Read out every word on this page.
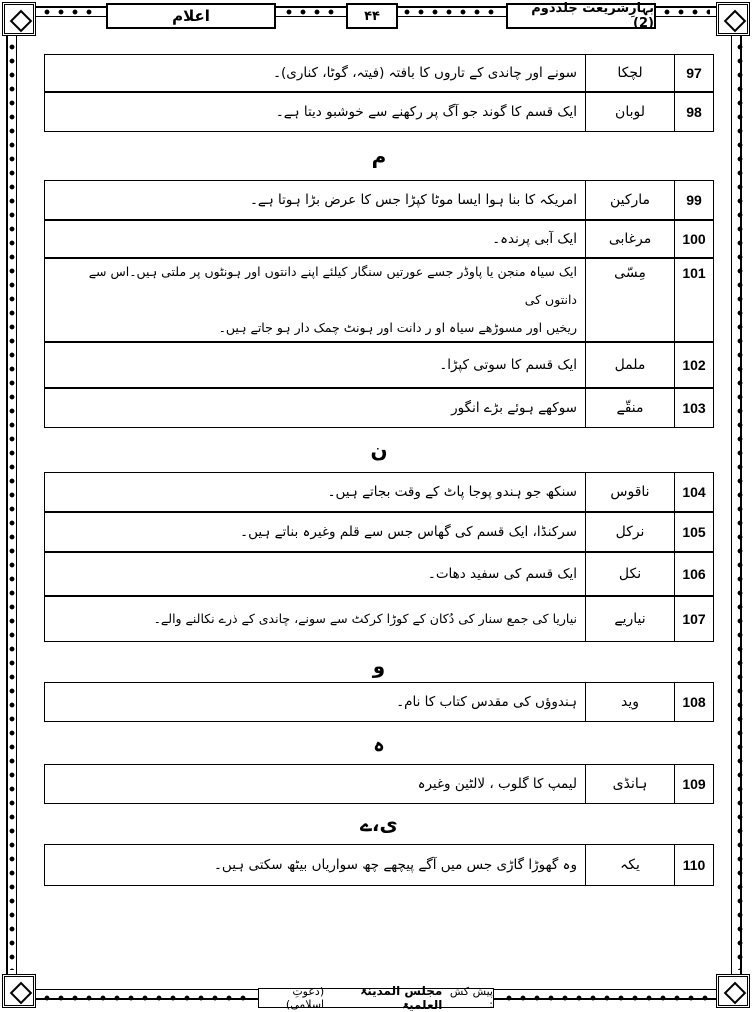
اعلام	۴۴	بہارِشریعت جلددوم (2)
97
لچکا
سونے اور چاندی کے تاروں کا بافتہ (فیتہ، گوٹا، کناری)۔
98
لوبان
ایک قسم کا گوند جو آگ پر رکھنے سے خوشبو دیتا ہے۔
م
99
مارکین
امریکہ کا بنا ہوا ایسا موٹا کپڑا جس کا عرض بڑا ہوتا ہے۔
100
مرغابی
ایک آبی پرندہ۔
101
مِسّی
ایک سیاہ منجن یا پاوڈر جسے عورتیں سنگار کیلئے اپنے دانتوں اور ہونٹوں پر ملتی ہیں۔اس سے دانتوں کی
ریخیں اور مسوڑھے سیاہ او ر دانت اور ہونٹ چمک دار ہو جاتے ہیں۔
102
ململ
ایک قسم کا سوتی کپڑا۔
103
منقّے
سوکھے ہوئے بڑے انگور
ن
104
ناقوس
سنکھ جو ہندو پوجا پاٹ کے وقت بجاتے ہیں۔
105
نرکل
سرکنڈا، ایک قسم کی گھاس جس سے قلم وغیرہ بناتے ہیں۔
106
نکل
ایک قسم کی سفید دھات۔
107
نیاریے
نیاریا کی جمع سنار کی دُکان کے کوڑا کرکٹ سے سونے، چاندی کے ذرے نکالنے والے۔
و
108
وید
ہندوؤں کی مقدس کتاب کا نام۔
ہ
109
ہانڈی
لیمپ کا گلوب ، لالٹین وغیرہ
ی،ے
110
یکہ
وہ گھوڑا گاڑی جس میں آگے پیچھے چھ سواریاں بیٹھ سکتی ہیں۔
پیش کش :
مجلس المدینۃ العلمیۃ
(دعوتِ اسلامی)
